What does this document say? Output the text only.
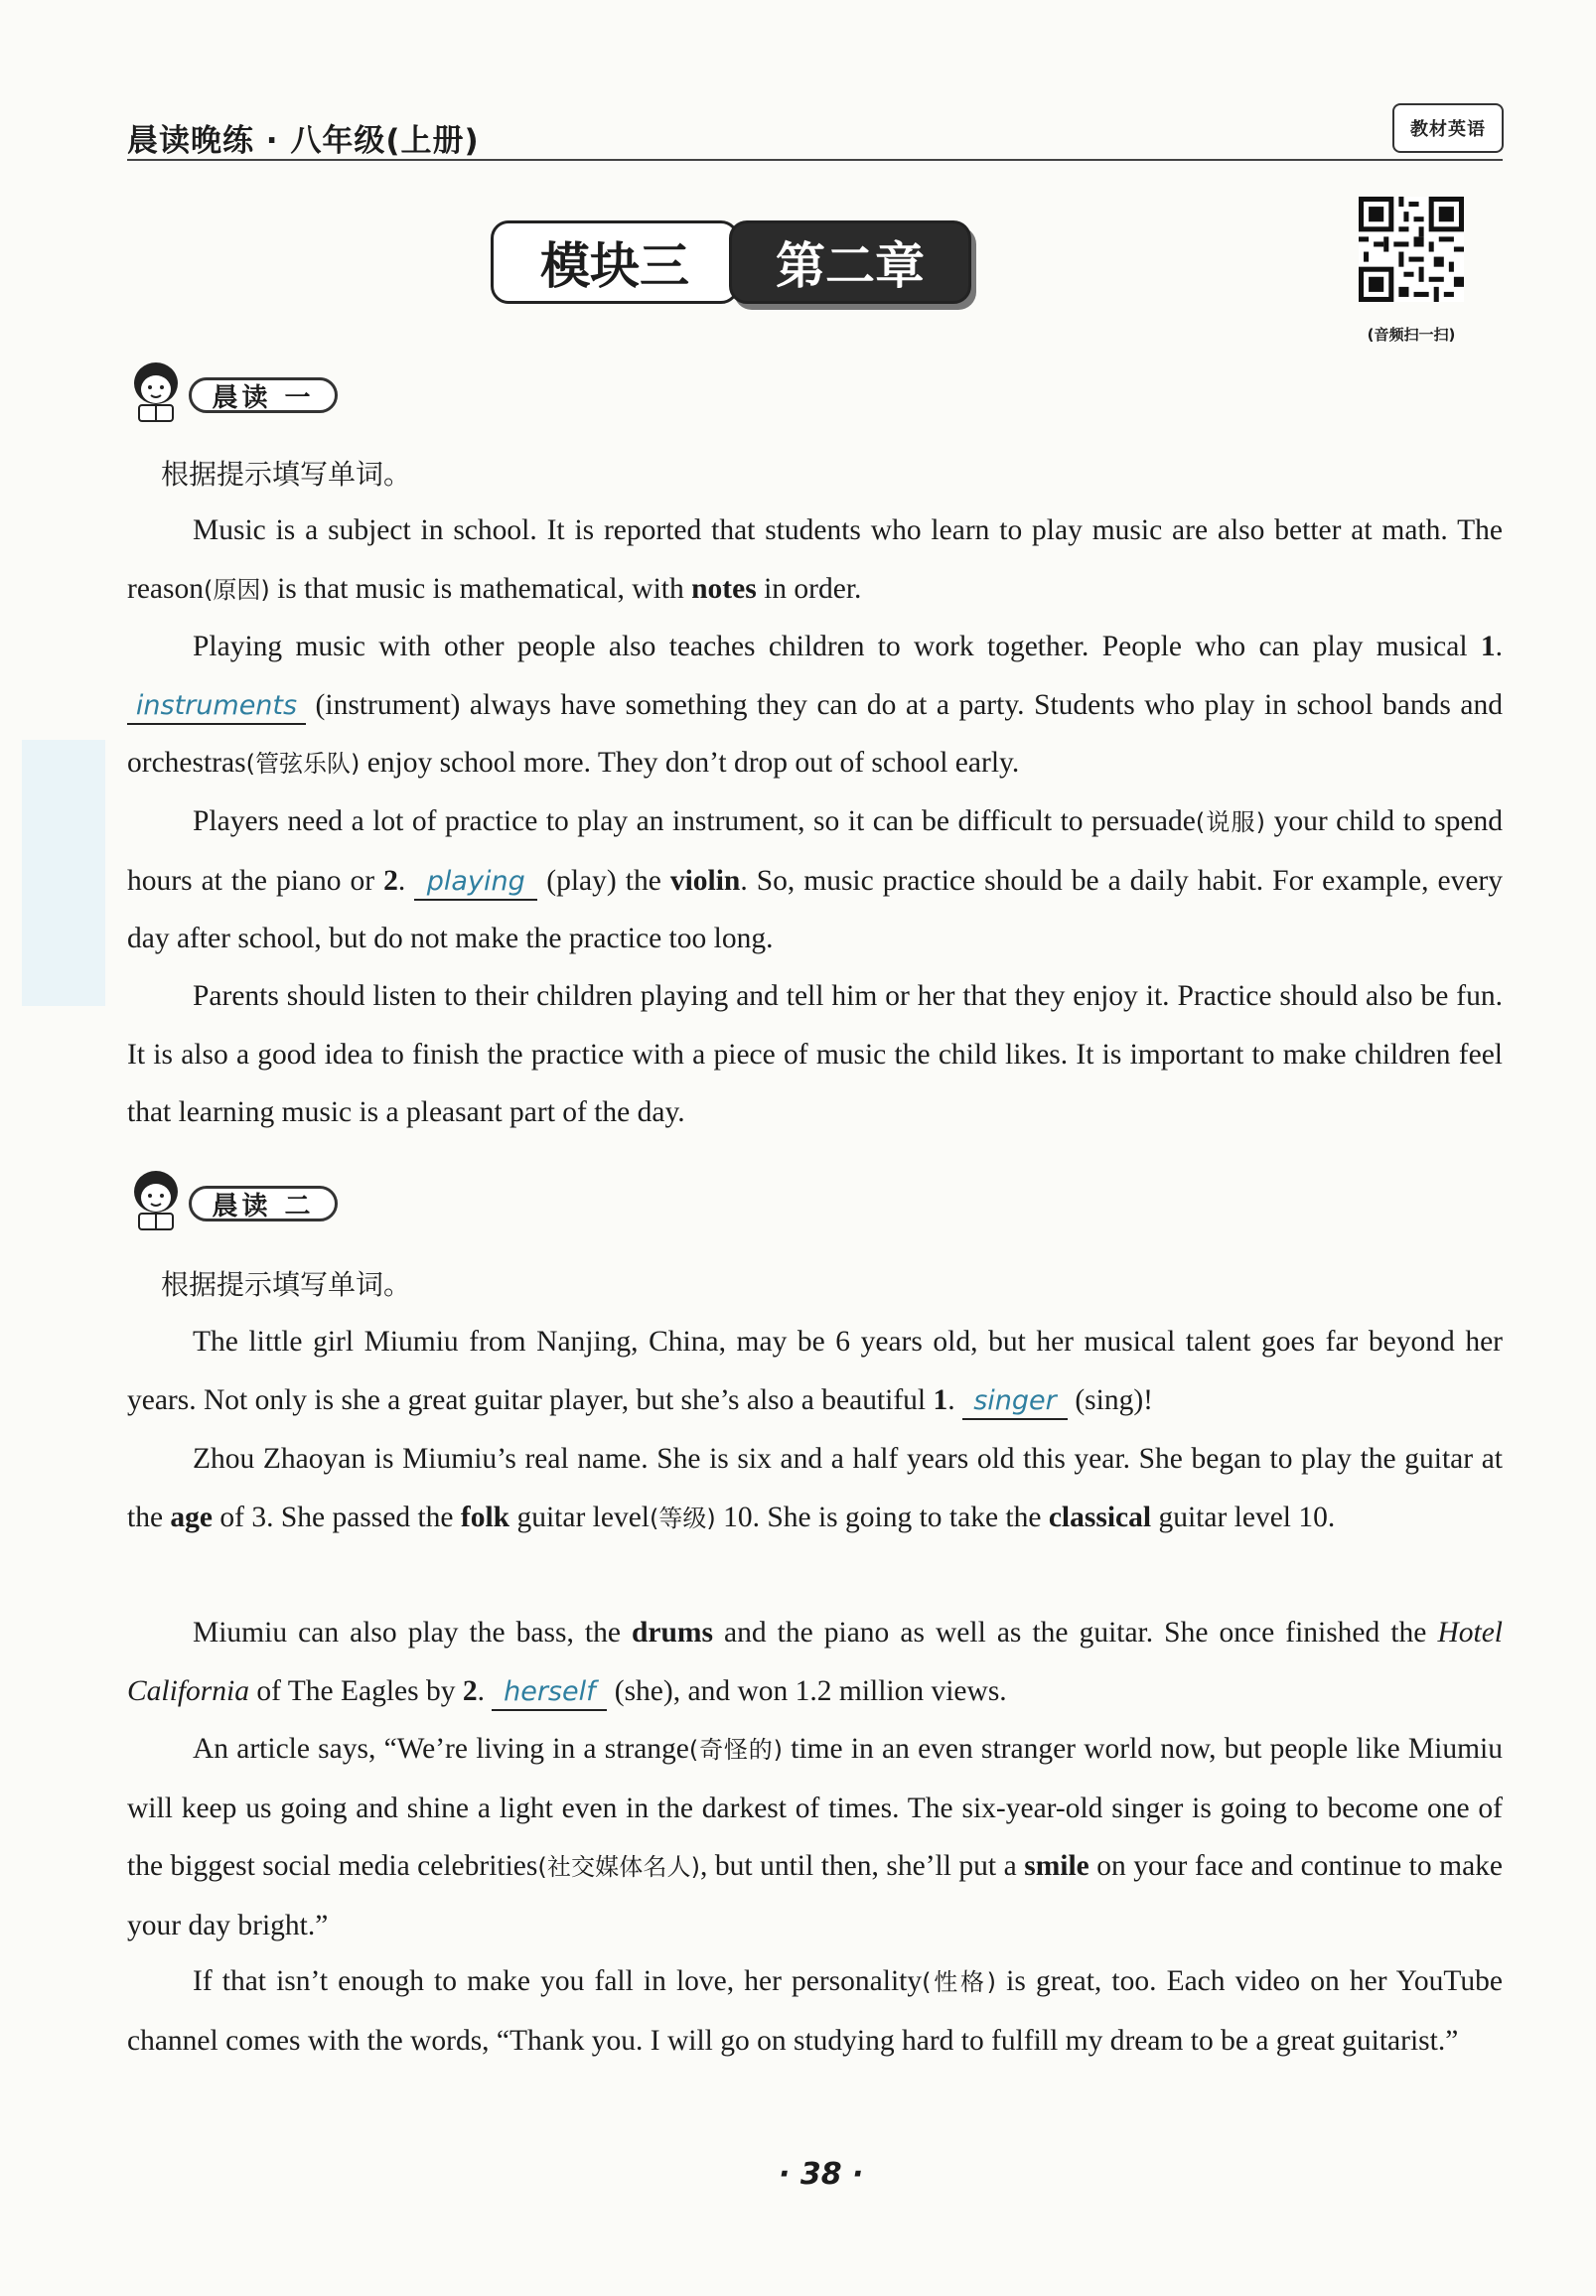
晨读晚练 · 八年级(上册)	教材英语
模块三	第二章
(音频扫一扫)
晨读 一
根据提示填写单词。

Music is a subject in school. It is reported that students who learn to play music are also better at math. The reason(原因) is that music is mathematical, with notes in order.

Playing music with other people also teaches children to work together. People who can play musical 1. instruments (instrument) always have something they can do at a party. Students who play in school bands and orchestras(管弦乐队) enjoy school more. They don’t drop out of school early.

Players need a lot of practice to play an instrument, so it can be difficult to persuade(说服) your child to spend hours at the piano or 2. playing (play) the violin. So, music practice should be a daily habit. For example, every day after school, but do not make the practice too long.

Parents should listen to their children playing and tell him or her that they enjoy it. Practice should also be fun. It is also a good idea to finish the practice with a piece of music the child likes. It is important to make children feel that learning music is a pleasant part of the day.

晨读 二
根据提示填写单词。

The little girl Miumiu from Nanjing, China, may be 6 years old, but her musical talent goes far beyond her years. Not only is she a great guitar player, but she’s also a beautiful 1. singer (sing)!

Zhou Zhaoyan is Miumiu’s real name. She is six and a half years old this year. She began to play the guitar at the age of 3. She passed the folk guitar level(等级) 10. She is going to take the classical guitar level 10.

Miumiu can also play the bass, the drums and the piano as well as the guitar. She once finished the Hotel California of The Eagles by 2. herself (she), and won 1.2 million views.

An article says, “We’re living in a strange(奇怪的) time in an even stranger world now, but people like Miumiu will keep us going and shine a light even in the darkest of times. The six-year-old singer is going to become one of the biggest social media celebrities(社交媒体名人), but until then, she’ll put a smile on your face and continue to make your day bright.”

If that isn’t enough to make you fall in love, her personality(性格) is great, too. Each video on her YouTube channel comes with the words, “Thank you. I will go on studying hard to fulfill my dream to be a great guitarist.”

· 38 ·
